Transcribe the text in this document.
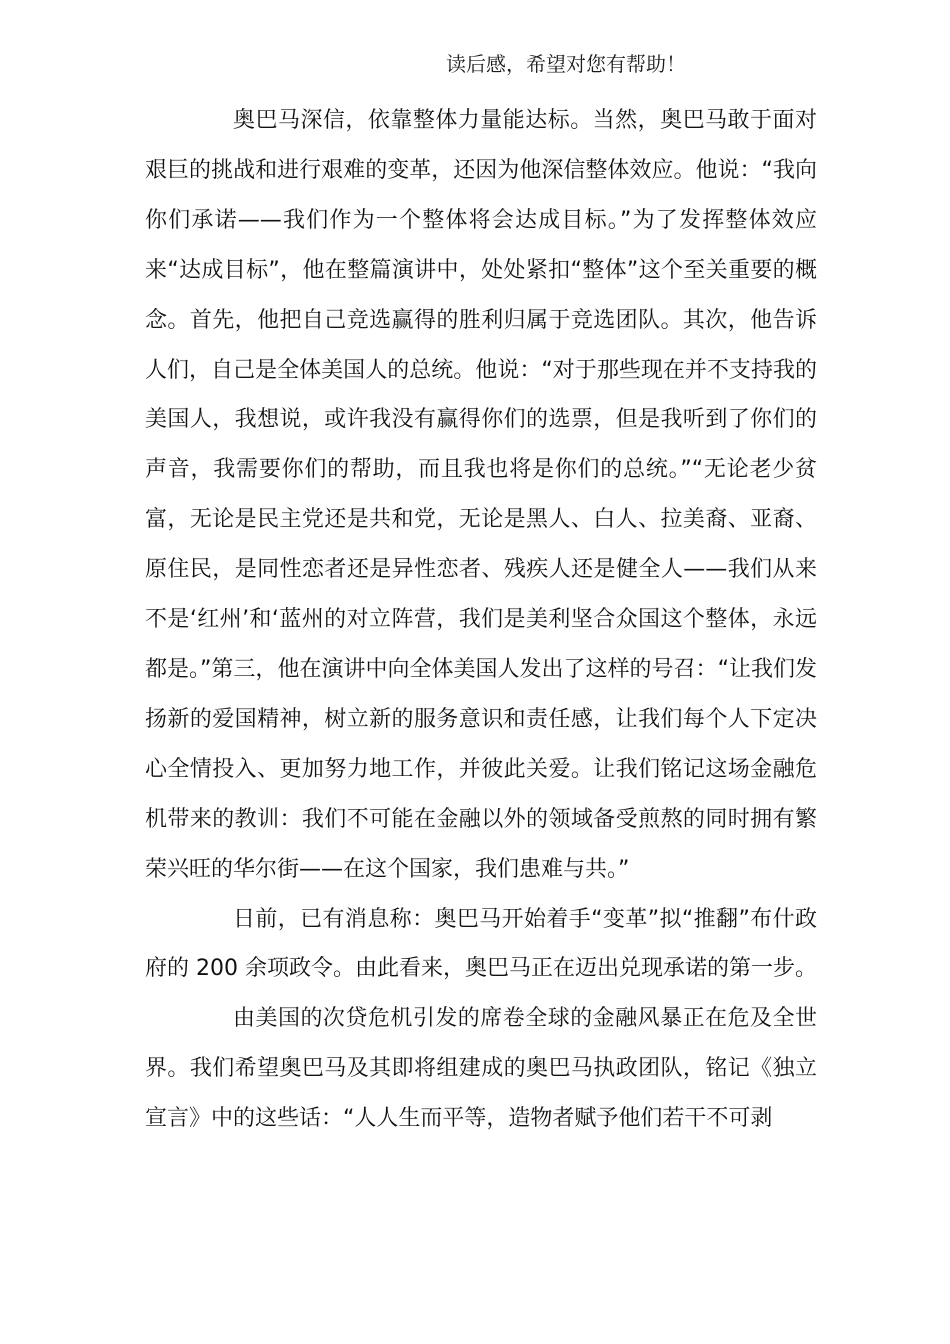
读后感，希望对您有帮助！

奥巴马深信，依靠整体力量能达标。当然，奥巴马敢于面对艰巨的挑战和进行艰难的变革，还因为他深信整体效应。他说：“我向你们承诺——我们作为一个整体将会达成目标。”为了发挥整体效应来“达成目标”，他在整篇演讲中，处处紧扣“整体”这个至关重要的概念。首先，他把自己竞选赢得的胜利归属于竞选团队。其次，他告诉人们，自己是全体美国人的总统。他说：“对于那些现在并不支持我的美国人，我想说，或许我没有赢得你们的选票，但是我听到了你们的声音，我需要你们的帮助，而且我也将是你们的总统。”“无论老少贫富，无论是民主党还是共和党，无论是黑人、白人、拉美裔、亚裔、原住民，是同性恋者还是异性恋者、残疾人还是健全人——我们从来不是‘红州’和‘蓝州的对立阵营，我们是美利坚合众国这个整体，永远都是。”第三，他在演讲中向全体美国人发出了这样的号召：“让我们发扬新的爱国精神，树立新的服务意识和责任感，让我们每个人下定决心全情投入、更加努力地工作，并彼此关爱。让我们铭记这场金融危机带来的教训：我们不可能在金融以外的领域备受煎熬的同时拥有繁荣兴旺的华尔街——在这个国家，我们患难与共。”

日前，已有消息称：奥巴马开始着手“变革”拟“推翻”布什政府的 200 余项政令。由此看来，奥巴马正在迈出兑现承诺的第一步。

由美国的次贷危机引发的席卷全球的金融风暴正在危及全世界。我们希望奥巴马及其即将组建成的奥巴马执政团队，铭记《独立宣言》中的这些话：“人人生而平等，造物者赋予他们若干不可剥
